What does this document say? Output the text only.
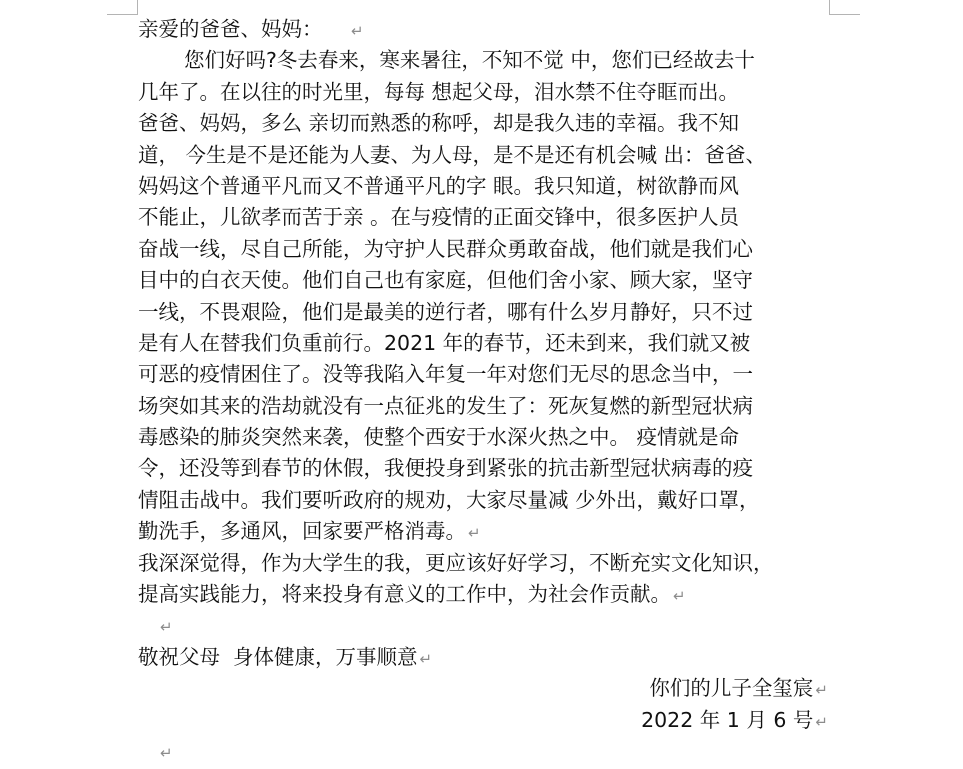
亲爱的爸爸、妈妈： ↵
您们好吗?冬去春来，寒来暑往，不知不觉 中，您们已经故去十
几年了。在以往的时光里，每每 想起父母，泪水禁不住夺眶而出。
爸爸、妈妈，多么 亲切而熟悉的称呼，却是我久违的幸福。我不知
道， 今生是不是还能为人妻、为人母，是不是还有机会喊 出：爸爸、
妈妈这个普通平凡而又不普通平凡的字 眼。我只知道，树欲静而风
不能止，儿欲孝而苦于亲 。在与疫情的正面交锋中，很多医护人员
奋战一线，尽自己所能，为守护人民群众勇敢奋战，他们就是我们心
目中的白衣天使。他们自己也有家庭，但他们舍小家、顾大家，坚守
一线，不畏艰险，他们是最美的逆行者，哪有什么岁月静好，只不过
是有人在替我们负重前行。2021 年的春节，还未到来，我们就又被
可恶的疫情困住了。没等我陷入年复一年对您们无尽的思念当中，一
场突如其来的浩劫就没有一点征兆的发生了：死灰复燃的新型冠状病
毒感染的肺炎突然来袭，使整个西安于水深火热之中。 疫情就是命
令，还没等到春节的休假，我便投身到紧张的抗击新型冠状病毒的疫
情阻击战中。我们要听政府的规劝，大家尽量减 少外出，戴好口罩，
勤洗手，多通风，回家要严格消毒。 ↵
我深深觉得，作为大学生的我，更应该好好学习，不断充实文化知识，
提高实践能力，将来投身有意义的工作中，为社会作贡献。 ↵
↵
敬祝父母  身体健康，万事顺意 ↵
你们的儿子全玺宸 ↵
2022 年 1 月 6 号 ↵
↵
